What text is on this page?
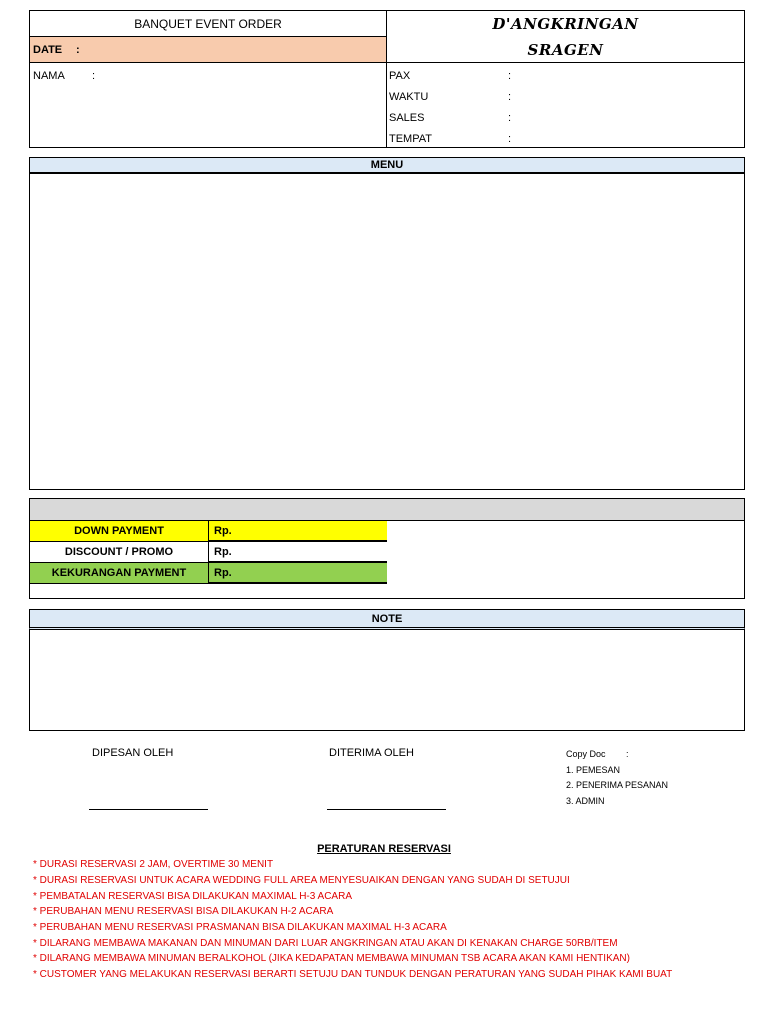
BANQUET EVENT ORDER
DATE :
D'ANGKRINGAN
SRAGEN
NAMA :	PAX	:
WAKTU	:
SALES	:
TEMPAT	:
MENU
DOWN PAYMENT	Rp.
DISCOUNT / PROMO	Rp.
KEKURANGAN PAYMENT	Rp.
NOTE
DIPESAN OLEH	DITERIMA OLEH	Copy Doc :
1. PEMESAN
2. PENERIMA PESANAN
3. ADMIN
PERATURAN RESERVASI
* DURASI RESERVASI 2 JAM, OVERTIME 30 MENIT
* DURASI RESERVASI UNTUK ACARA WEDDING FULL AREA MENYESUAIKAN DENGAN YANG SUDAH DI SETUJUI
* PEMBATALAN RESERVASI BISA DILAKUKAN MAXIMAL H-3 ACARA
* PERUBAHAN MENU RESERVASI BISA DILAKUKAN H-2 ACARA
* PERUBAHAN MENU RESERVASI PRASMANAN BISA DILAKUKAN MAXIMAL H-3 ACARA
* DILARANG MEMBAWA MAKANAN DAN MINUMAN DARI LUAR ANGKRINGAN ATAU AKAN DI KENAKAN CHARGE 50RB/ITEM
* DILARANG MEMBAWA MINUMAN BERALKOHOL (JIKA KEDAPATAN MEMBAWA MINUMAN TSB ACARA AKAN KAMI HENTIKAN)
* CUSTOMER YANG MELAKUKAN RESERVASI BERARTI SETUJU DAN TUNDUK DENGAN PERATURAN YANG SUDAH PIHAK KAMI BUAT
